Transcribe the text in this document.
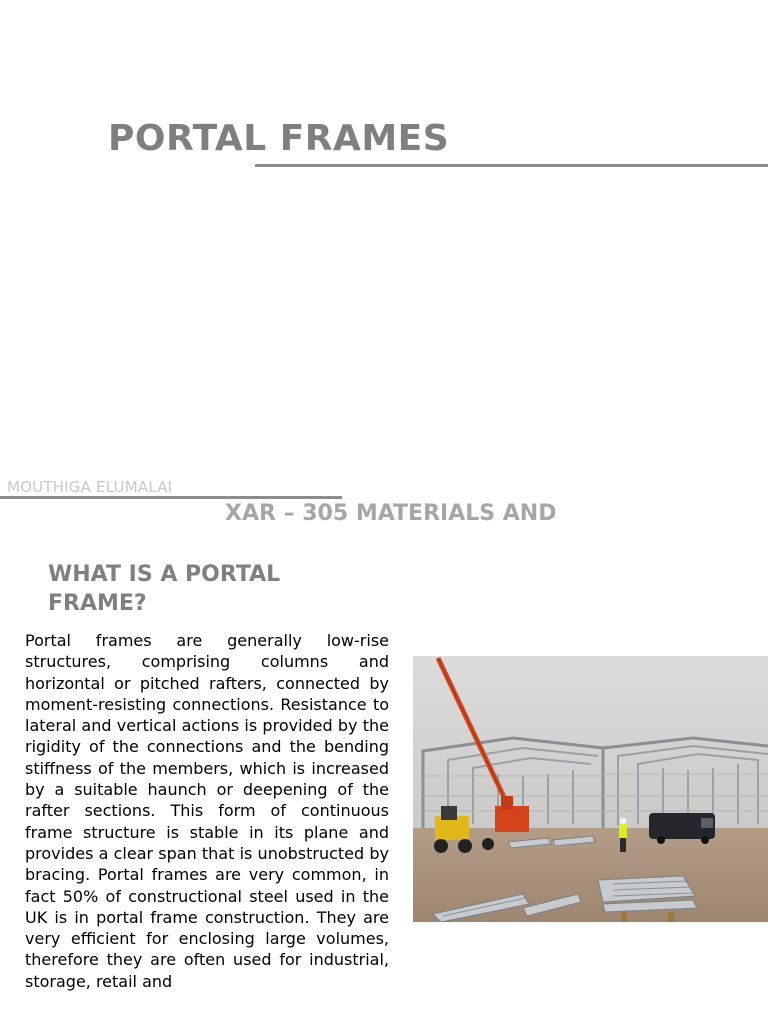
PORTAL FRAMES
MOUTHIGA ELUMALAI
XAR – 305 MATERIALS AND
WHAT IS A PORTAL FRAME?

Portal frames are generally low-rise structures, comprising columns and horizontal or pitched rafters, connected by moment-resisting connections. Resistance to lateral and vertical actions is provided by the rigidity of the connections and the bending stiffness of the members, which is increased by a suitable haunch or deepening of the rafter sections. This form of continuous frame structure is stable in its plane and provides a clear span that is unobstructed by bracing. Portal frames are very common, in fact 50% of constructional steel used in the UK is in portal frame construction. They are very efficient for enclosing large volumes, therefore they are often used for industrial, storage, retail and
